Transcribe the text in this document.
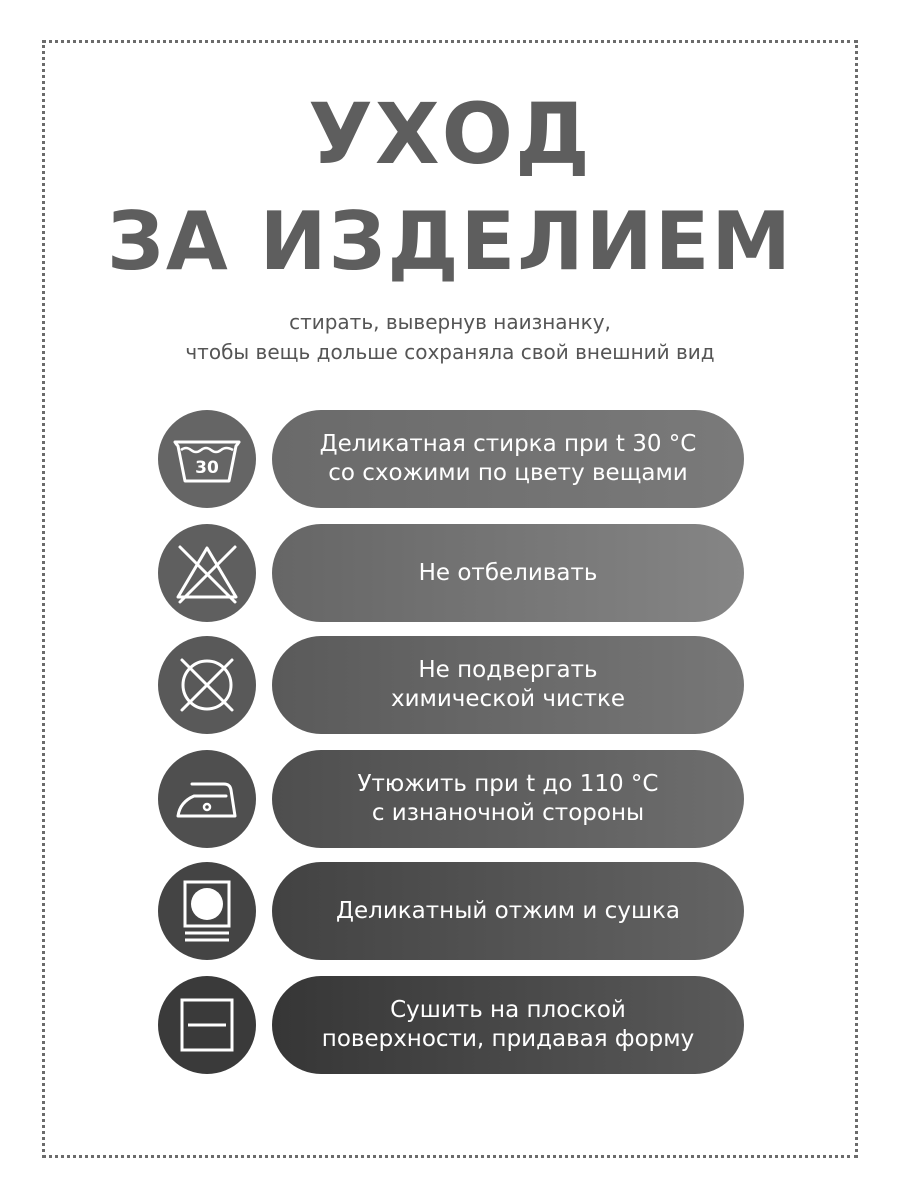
УХОД
ЗА ИЗДЕЛИЕМ
стирать, вывернув наизнанку,
чтобы вещь дольше сохраняла свой внешний вид
30
Деликатная стирка при t 30 °C
со схожими по цвету вещами
Не отбеливать
Не подвергать
химической чистке
Утюжить при t до 110 °C
с изнаночной стороны
Деликатный отжим и сушка
Сушить на плоской
поверхности, придавая форму
